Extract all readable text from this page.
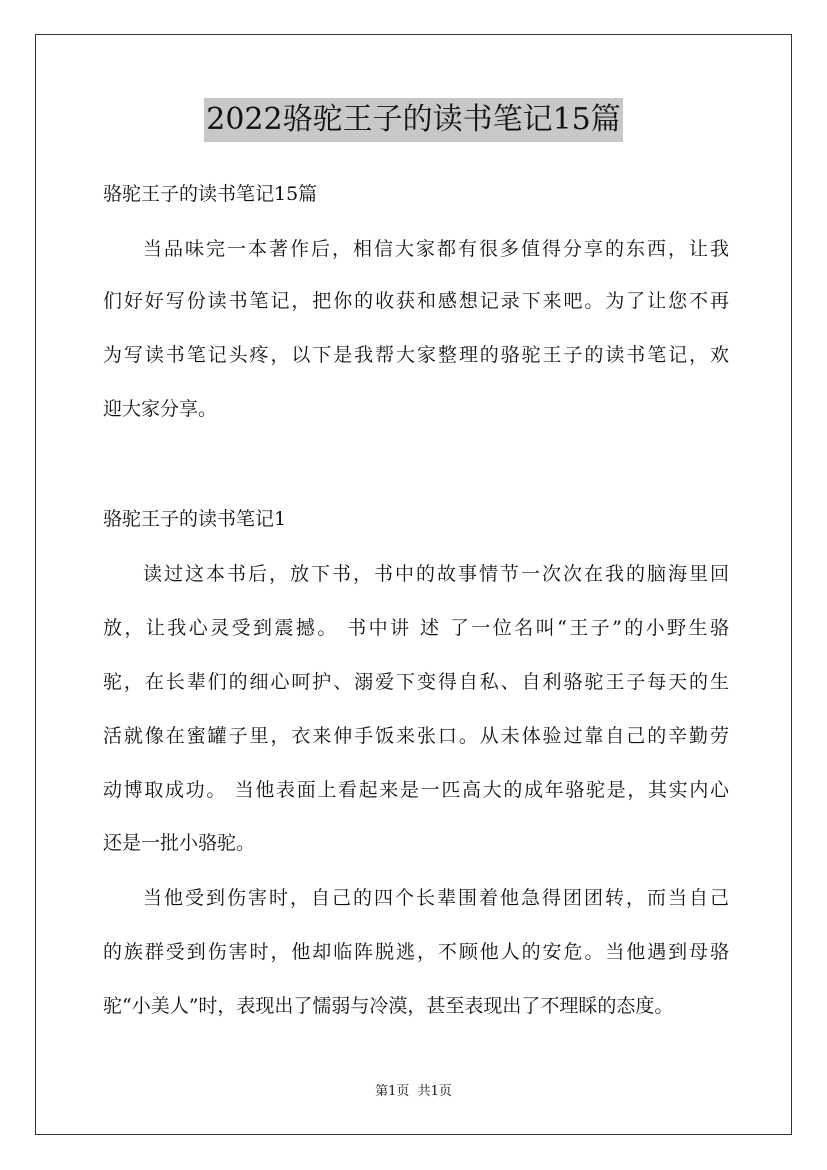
2022骆驼王子的读书笔记15篇
骆驼王子的读书笔记15篇
当品味完一本著作后，相信大家都有很多值得分享的东西，让我
们好好写份读书笔记，把你的收获和感想记录下来吧。为了让您不再
为写读书笔记头疼，以下是我帮大家整理的骆驼王子的读书笔记，欢
迎大家分享。
骆驼王子的读书笔记1
读过这本书后，放下书，书中的故事情节一次次在我的脑海里回
放，让我心灵受到震撼。 书中讲 述 了一位名叫“王子”的小野生骆
驼，在长辈们的细心呵护、溺爱下变得自私、自利骆驼王子每天的生
活就像在蜜罐子里，衣来伸手饭来张口。从未体验过靠自己的辛勤劳
动博取成功。 当他表面上看起来是一匹高大的成年骆驼是，其实内心
还是一批小骆驼。
当他受到伤害时，自己的四个长辈围着他急得团团转，而当自己
的族群受到伤害时，他却临阵脱逃，不顾他人的安危。当他遇到母骆
驼“小美人”时，表现出了懦弱与冷漠，甚至表现出了不理睬的态度。
第1页 共1页
